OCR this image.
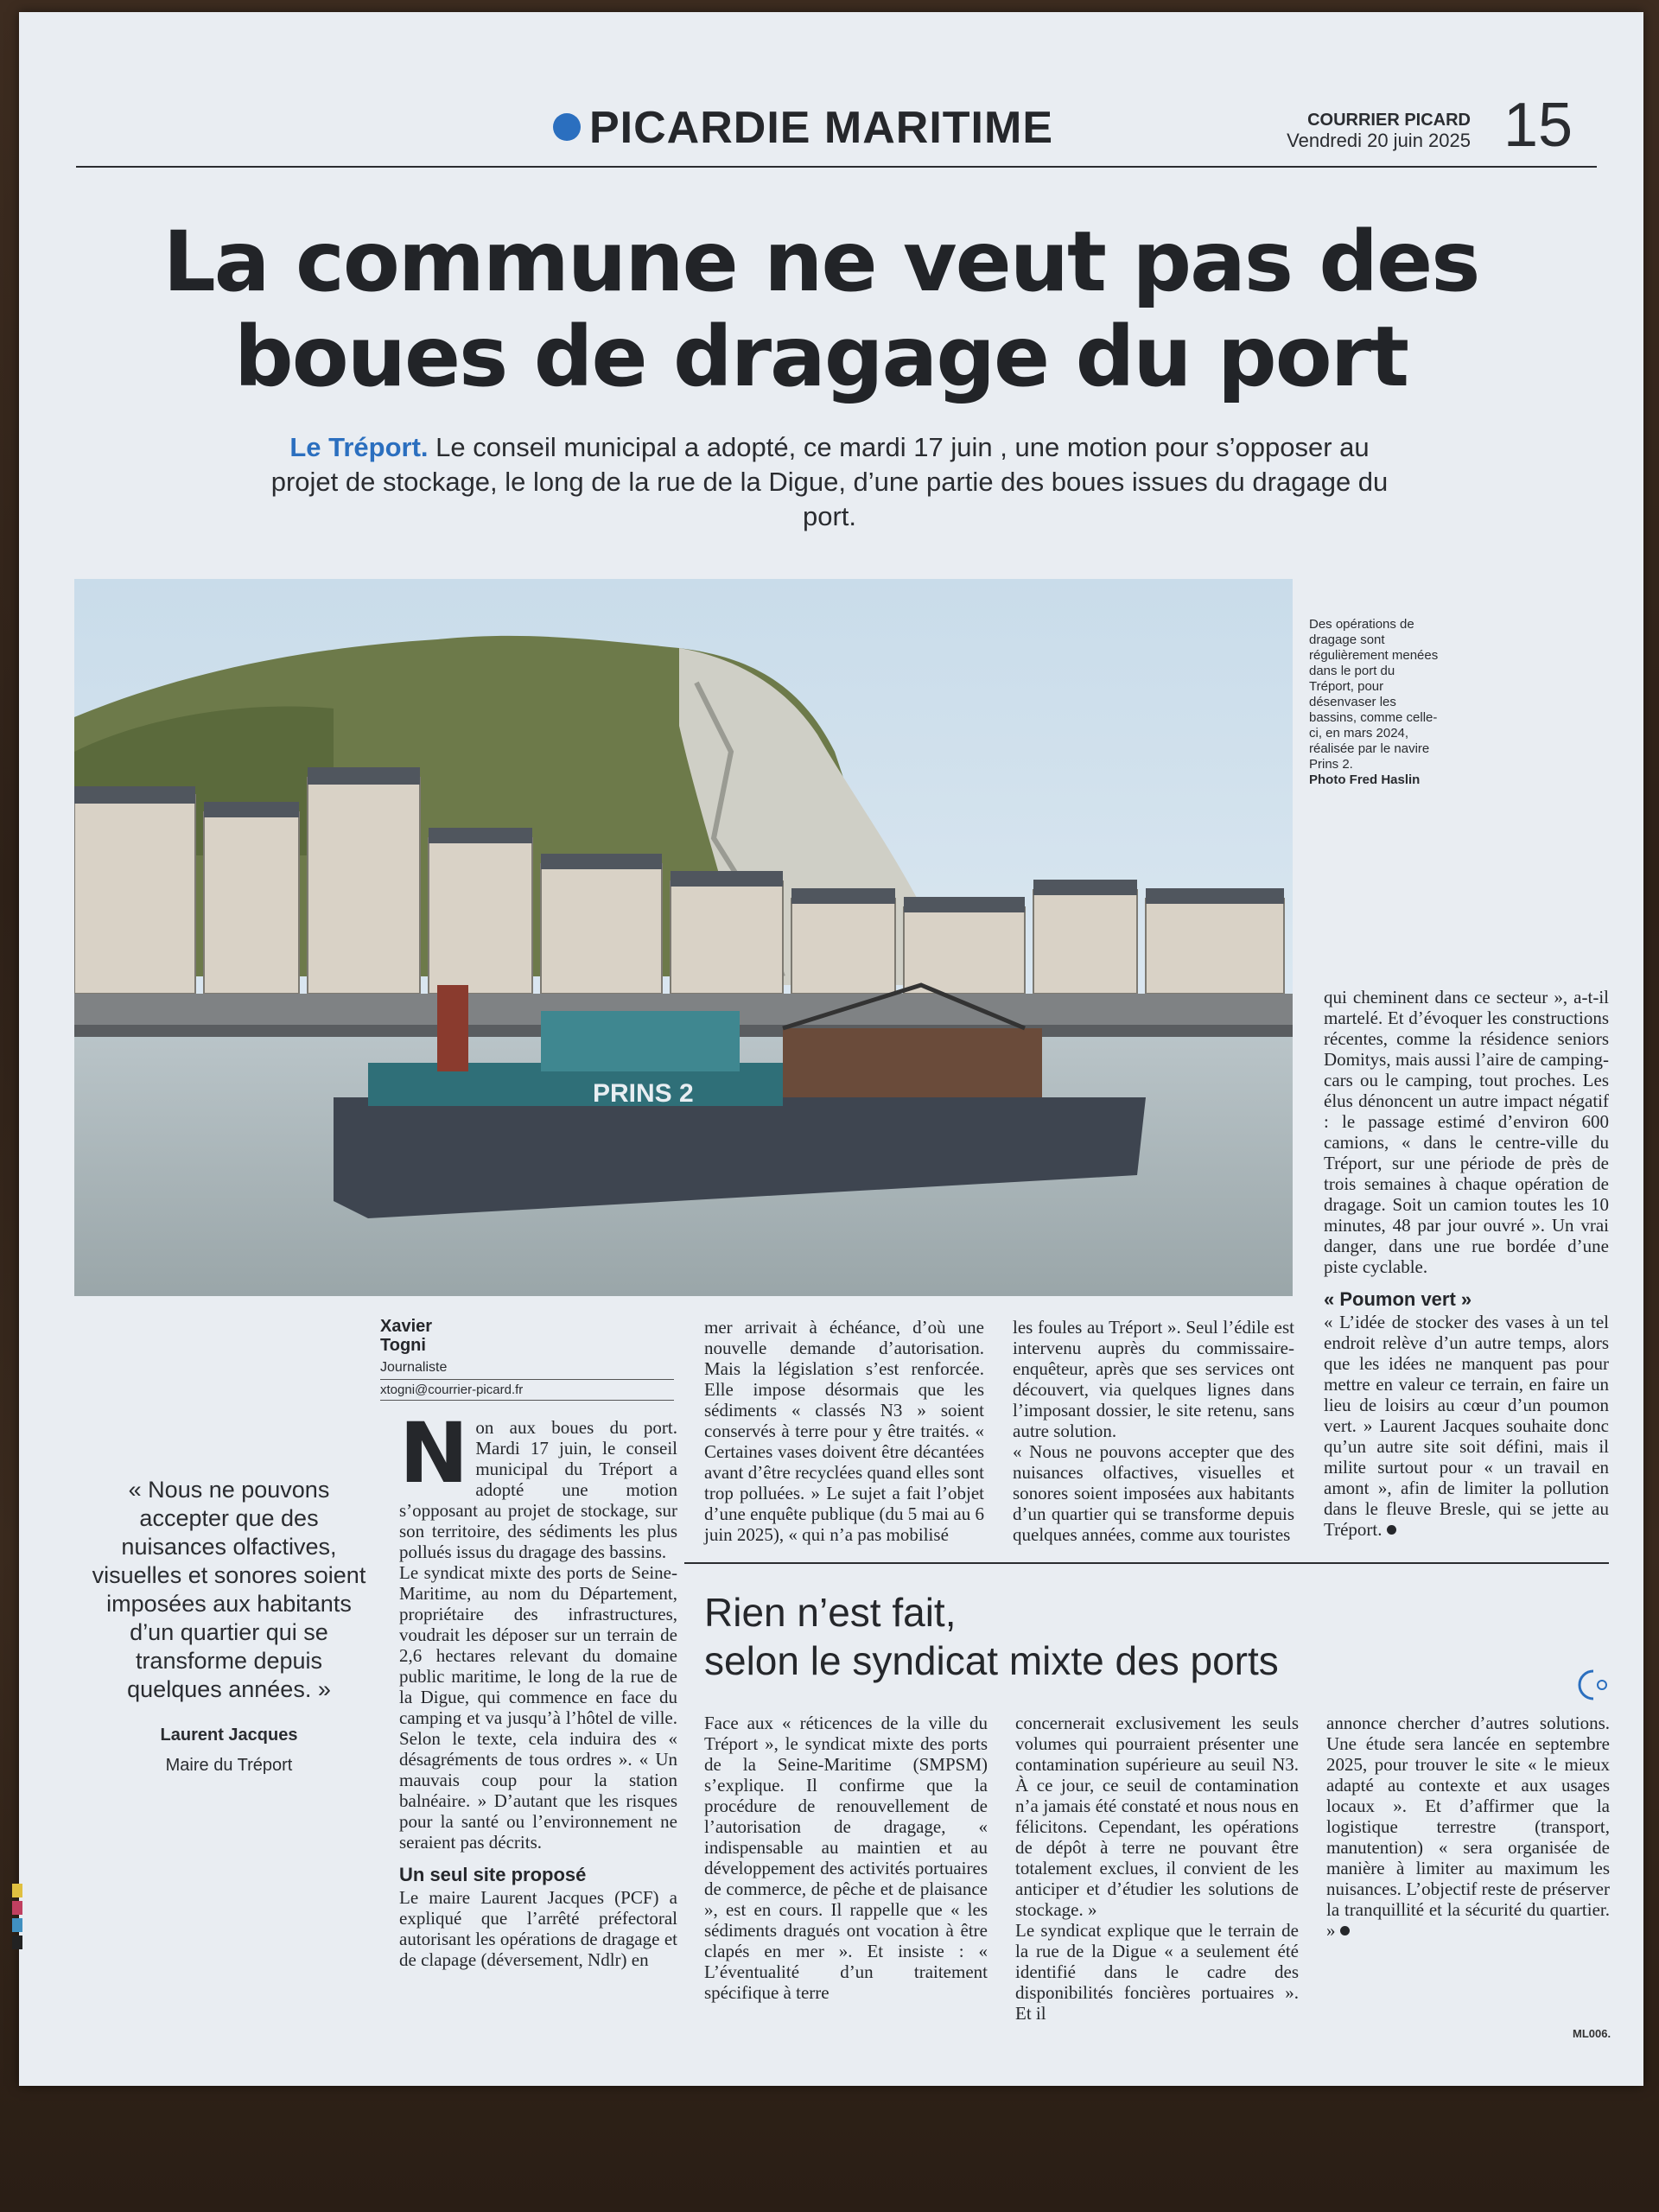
PICARDIE MARITIME	COURRIER PICARD
Vendredi 20 juin 2025 15
La commune ne veut pas des boues de dragage du port
Le Tréport. Le conseil municipal a adopté, ce mardi 17 juin , une motion pour s’opposer au projet de stockage, le long de la rue de la Digue, d’une partie des boues issues du dragage du port.
PRINS 2
Des opérations de dragage sont régulièrement menées dans le port du Tréport, pour désenvaser les bassins, comme celle-ci, en mars 2024, réalisée par le navire Prins 2.
Photo Fred Haslin
Xavier Togni
Journaliste
xtogni@courrier-picard.fr
« Nous ne pouvons accepter que des nuisances olfactives, visuelles et sonores soient imposées aux habitants d’un quartier qui se transforme depuis quelques années. »
Laurent Jacques
Maire du Tréport

Non aux boues du port. Mardi 17 juin, le conseil municipal du Tréport a adopté une motion s’opposant au projet de stockage, sur son territoire, des sédiments les plus pollués issus du dragage des bassins.

Le syndicat mixte des ports de Seine-Maritime, au nom du Département, propriétaire des infrastructures, voudrait les déposer sur un terrain de 2,6 hectares relevant du domaine public maritime, le long de la rue de la Digue, qui commence en face du camping et va jusqu’à l’hôtel de ville. Selon le texte, cela induira des « désagréments de tous ordres ». « Un mauvais coup pour la station balnéaire. » D’autant que les risques pour la santé ou l’environnement ne seraient pas décrits.

Un seul site proposé

Le maire Laurent Jacques (PCF) a expliqué que l’arrêté préfectoral autorisant les opérations de dragage et de clapage (déversement, Ndlr) en

mer arrivait à échéance, d’où une nouvelle demande d’autorisation. Mais la législation s’est renforcée. Elle impose désormais que les sédiments « classés N3 » soient conservés à terre pour y être traités. « Certaines vases doivent être décantées avant d’être recyclées quand elles sont trop polluées. » Le sujet a fait l’objet d’une enquête publique (du 5 mai au 6 juin 2025), « qui n’a pas mobilisé

les foules au Tréport ». Seul l’édile est intervenu auprès du commissaire-enquêteur, après que ses services ont découvert, via quelques lignes dans l’imposant dossier, le site retenu, sans autre solution.

« Nous ne pouvons accepter que des nuisances olfactives, visuelles et sonores soient imposées aux habitants d’un quartier qui se transforme depuis quelques années, comme aux touristes

qui cheminent dans ce secteur », a-t-il martelé. Et d’évoquer les constructions récentes, comme la résidence seniors Domitys, mais aussi l’aire de camping-cars ou le camping, tout proches. Les élus dénoncent un autre impact négatif : le passage estimé d’environ 600 camions, « dans le centre-ville du Tréport, sur une période de près de trois semaines à chaque opération de dragage. Soit un camion toutes les 10 minutes, 48 par jour ouvré ». Un vrai danger, dans une rue bordée d’une piste cyclable.

« Poumon vert »

« L’idée de stocker des vases à un tel endroit relève d’un autre temps, alors que les idées ne manquent pas pour mettre en valeur ce terrain, en faire un lieu de loisirs au cœur d’un poumon vert. » Laurent Jacques souhaite donc qu’un autre site soit défini, mais il milite surtout pour « un travail en amont », afin de limiter la pollution dans le fleuve Bresle, qui se jette au Tréport.

Rien n’est fait,
selon le syndicat mixte des ports

Face aux « réticences de la ville du Tréport », le syndicat mixte des ports de la Seine-Maritime (SMPSM) s’explique. Il confirme que la procédure de renouvellement de l’autorisation de dragage, « indispensable au maintien et au développement des activités portuaires de commerce, de pêche et de plaisance », est en cours. Il rappelle que « les sédiments dragués ont vocation à être clapés en mer ». Et insiste : « L’éventualité d’un traitement spécifique à terre

concernerait exclusivement les seuls volumes qui pourraient présenter une contamination supérieure au seuil N3. À ce jour, ce seuil de contamination n’a jamais été constaté et nous nous en félicitons. Cependant, les opérations de dépôt à terre ne pouvant être totalement exclues, il convient de les anticiper et d’étudier les solutions de stockage. »

Le syndicat explique que le terrain de la rue de la Digue « a seulement été identifié dans le cadre des disponibilités foncières portuaires ». Et il

annonce chercher d’autres solutions. Une étude sera lancée en septembre 2025, pour trouver le site « le mieux adapté au contexte et aux usages locaux ». Et d’affirmer que la logistique terrestre (transport, manutention) « sera organisée de manière à limiter au maximum les nuisances. L’objectif reste de préserver la tranquillité et la sécurité du quartier. »

ML006.
